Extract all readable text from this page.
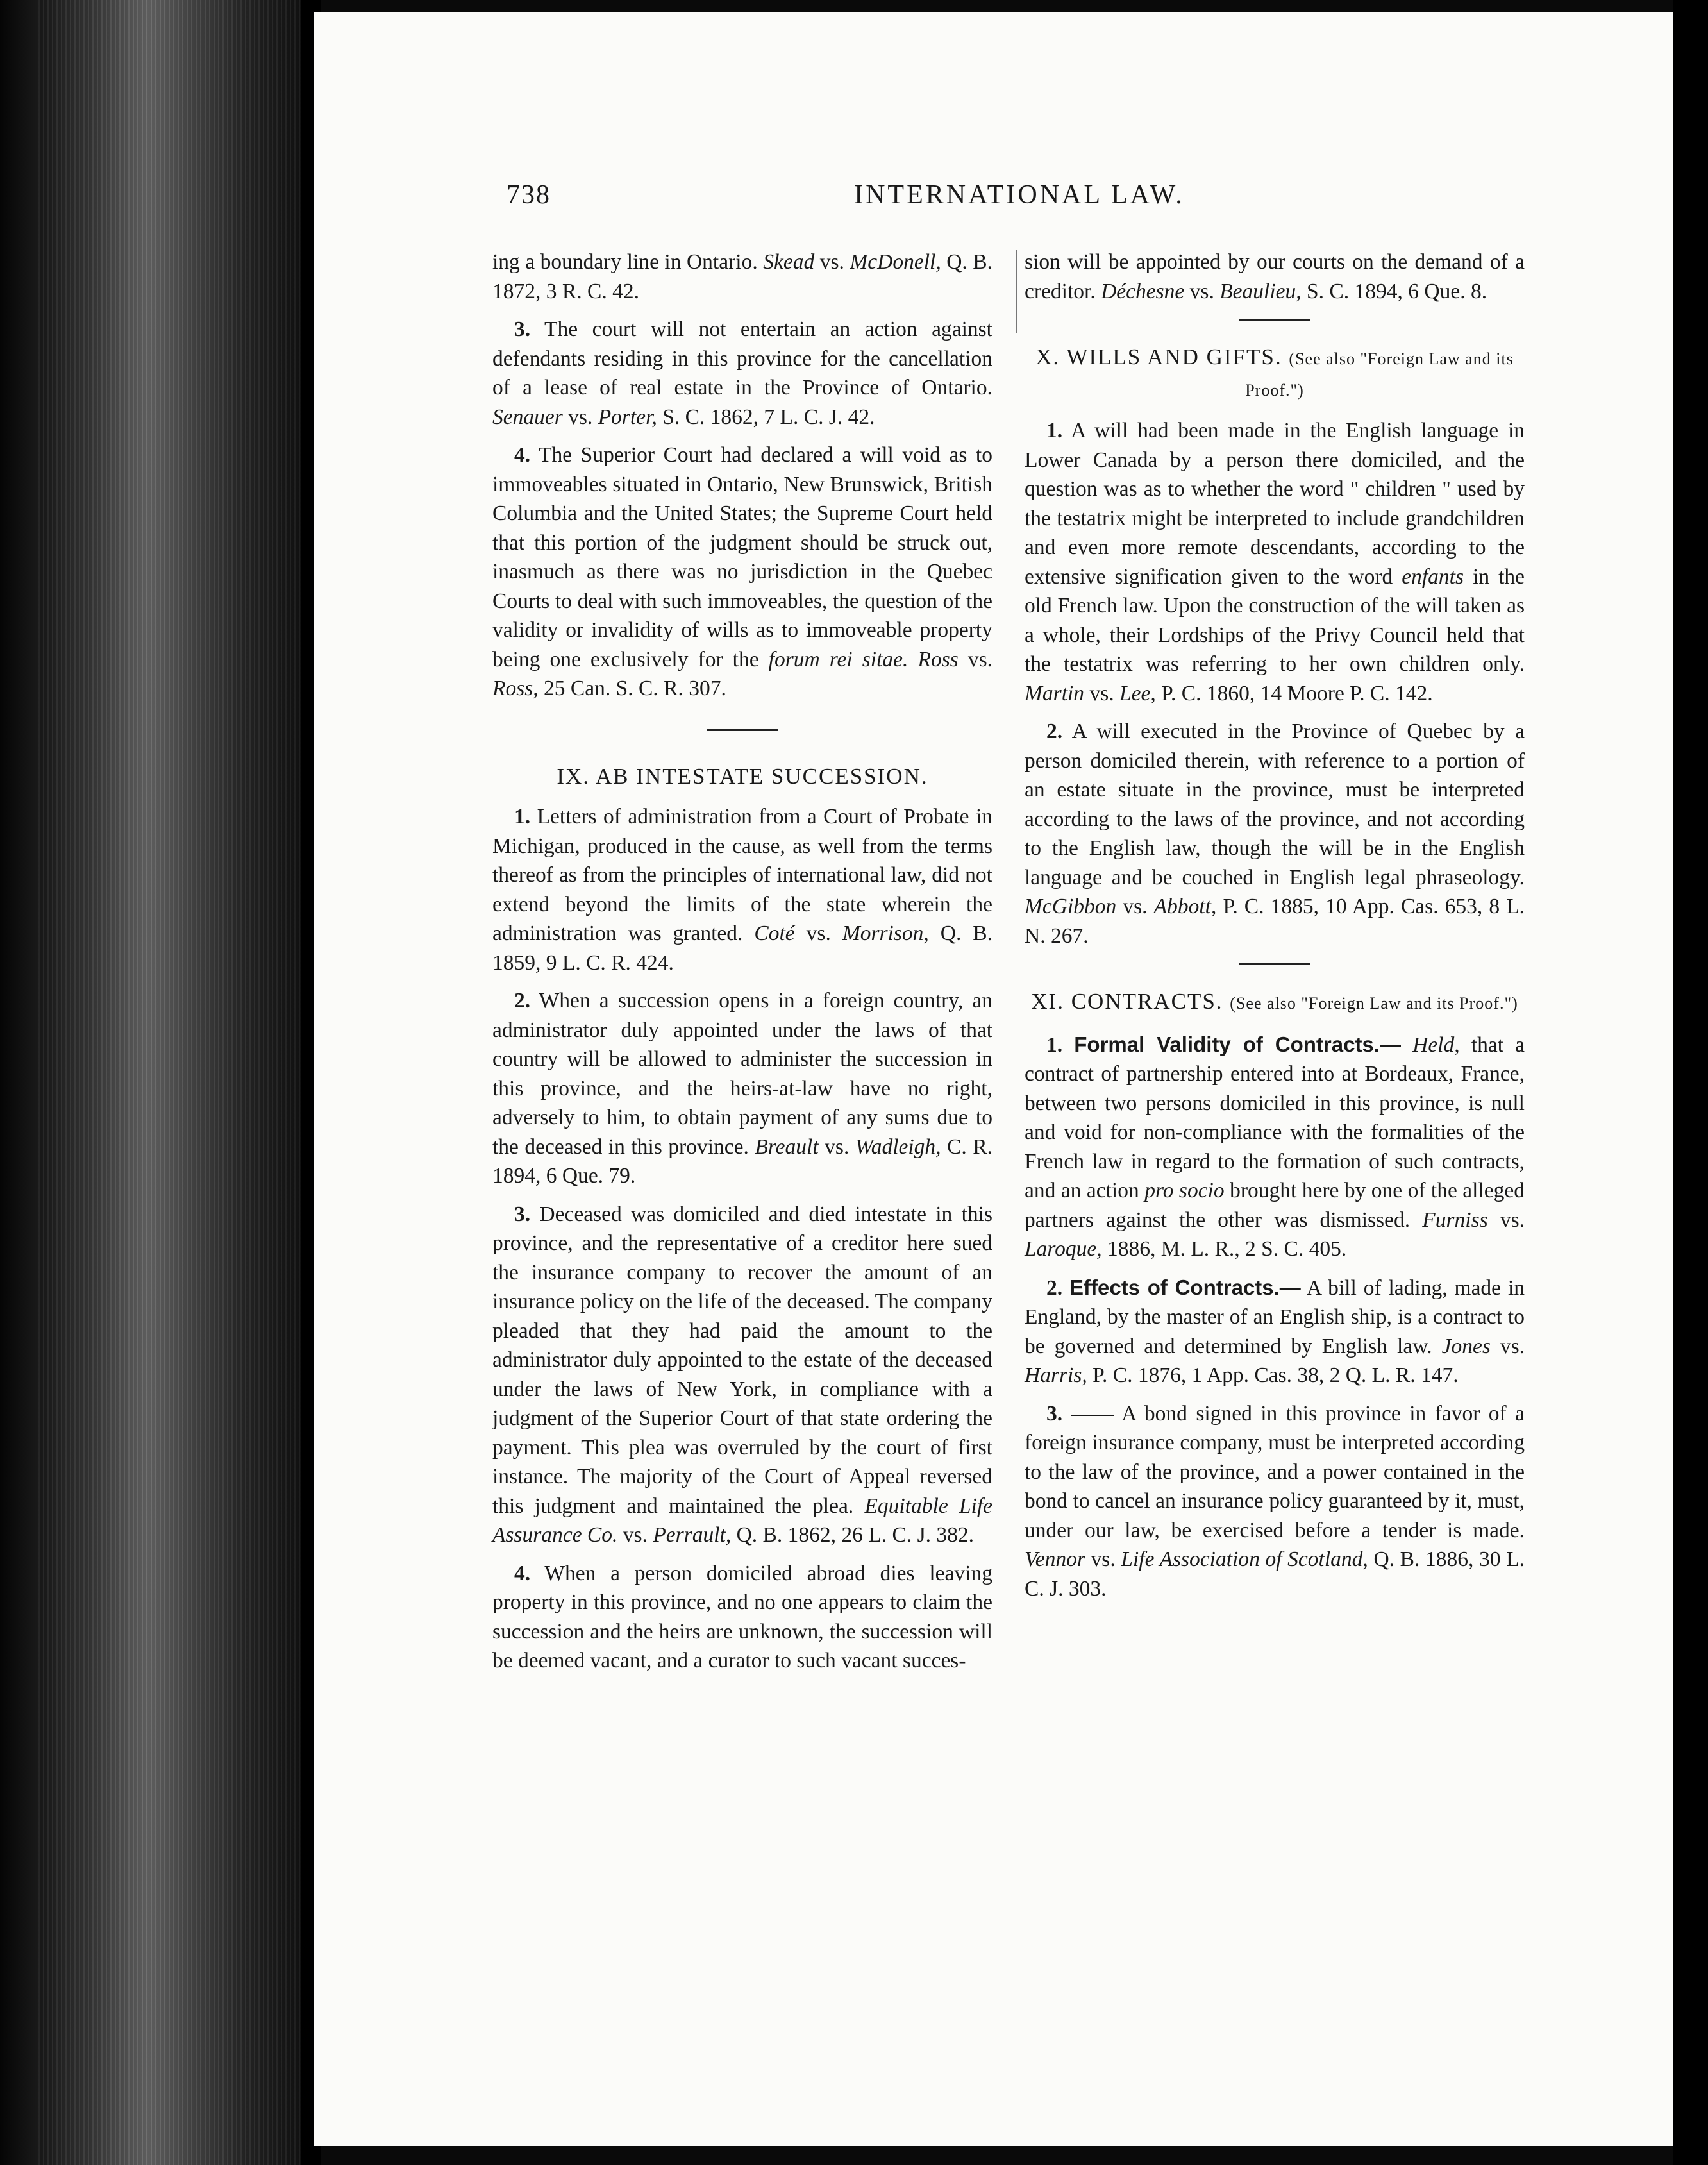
738	INTERNATIONAL LAW.

ing a boundary line in Ontario. Skead vs. McDonell, Q. B. 1872, 3 R. C. 42.

3. The court will not entertain an action against defendants residing in this province for the cancellation of a lease of real estate in the Province of Ontario. Senauer vs. Porter, S. C. 1862, 7 L. C. J. 42.

4. The Superior Court had declared a will void as to immoveables situated in Ontario, New Brunswick, British Columbia and the United States; the Supreme Court held that this portion of the judgment should be struck out, inasmuch as there was no jurisdiction in the Quebec Courts to deal with such immoveables, the question of the validity or invalidity of wills as to immoveable property being one exclusively for the forum rei sitae. Ross vs. Ross, 25 Can. S. C. R. 307.

IX. AB INTESTATE SUCCESSION.

1. Letters of administration from a Court of Probate in Michigan, produced in the cause, as well from the terms thereof as from the principles of international law, did not extend beyond the limits of the state wherein the administration was granted. Coté vs. Morrison, Q. B. 1859, 9 L. C. R. 424.

2. When a succession opens in a foreign country, an administrator duly appointed under the laws of that country will be allowed to administer the succession in this province, and the heirs-at-law have no right, adversely to him, to obtain payment of any sums due to the deceased in this province. Breault vs. Wadleigh, C. R. 1894, 6 Que. 79.

3. Deceased was domiciled and died intestate in this province, and the representative of a creditor here sued the insurance company to recover the amount of an insurance policy on the life of the deceased. The company pleaded that they had paid the amount to the administrator duly appointed to the estate of the deceased under the laws of New York, in compliance with a judgment of the Superior Court of that state ordering the payment. This plea was overruled by the court of first instance. The majority of the Court of Appeal reversed this judgment and maintained the plea. Equitable Life Assurance Co. vs. Perrault, Q. B. 1862, 26 L. C. J. 382.

4. When a person domiciled abroad dies leaving property in this province, and no one appears to claim the succession and the heirs are unknown, the succession will be deemed vacant, and a curator to such vacant succes-

sion will be appointed by our courts on the demand of a creditor. Déchesne vs. Beaulieu, S. C. 1894, 6 Que. 8.

X. WILLS AND GIFTS. (See also "Foreign Law and its Proof.")

1. A will had been made in the English language in Lower Canada by a person there domiciled, and the question was as to whether the word " children " used by the testatrix might be interpreted to include grandchildren and even more remote descendants, according to the extensive signification given to the word enfants in the old French law. Upon the construction of the will taken as a whole, their Lordships of the Privy Council held that the testatrix was referring to her own children only. Martin vs. Lee, P. C. 1860, 14 Moore P. C. 142.

2. A will executed in the Province of Quebec by a person domiciled therein, with reference to a portion of an estate situate in the province, must be interpreted according to the laws of the province, and not according to the English law, though the will be in the English language and be couched in English legal phraseology. McGibbon vs. Abbott, P. C. 1885, 10 App. Cas. 653, 8 L. N. 267.

XI. CONTRACTS. (See also "Foreign Law and its Proof.")

1. Formal Validity of Contracts.— Held, that a contract of partnership entered into at Bordeaux, France, between two persons domiciled in this province, is null and void for non-compliance with the formalities of the French law in regard to the formation of such contracts, and an action pro socio brought here by one of the alleged partners against the other was dismissed. Furniss vs. Laroque, 1886, M. L. R., 2 S. C. 405.

2. Effects of Contracts.— A bill of lading, made in England, by the master of an English ship, is a contract to be governed and determined by English law. Jones vs. Harris, P. C. 1876, 1 App. Cas. 38, 2 Q. L. R. 147.

3. —— A bond signed in this province in favor of a foreign insurance company, must be interpreted according to the law of the province, and a power contained in the bond to cancel an insurance policy guaranteed by it, must, under our law, be exercised before a tender is made. Vennor vs. Life Association of Scotland, Q. B. 1886, 30 L. C. J. 303.
